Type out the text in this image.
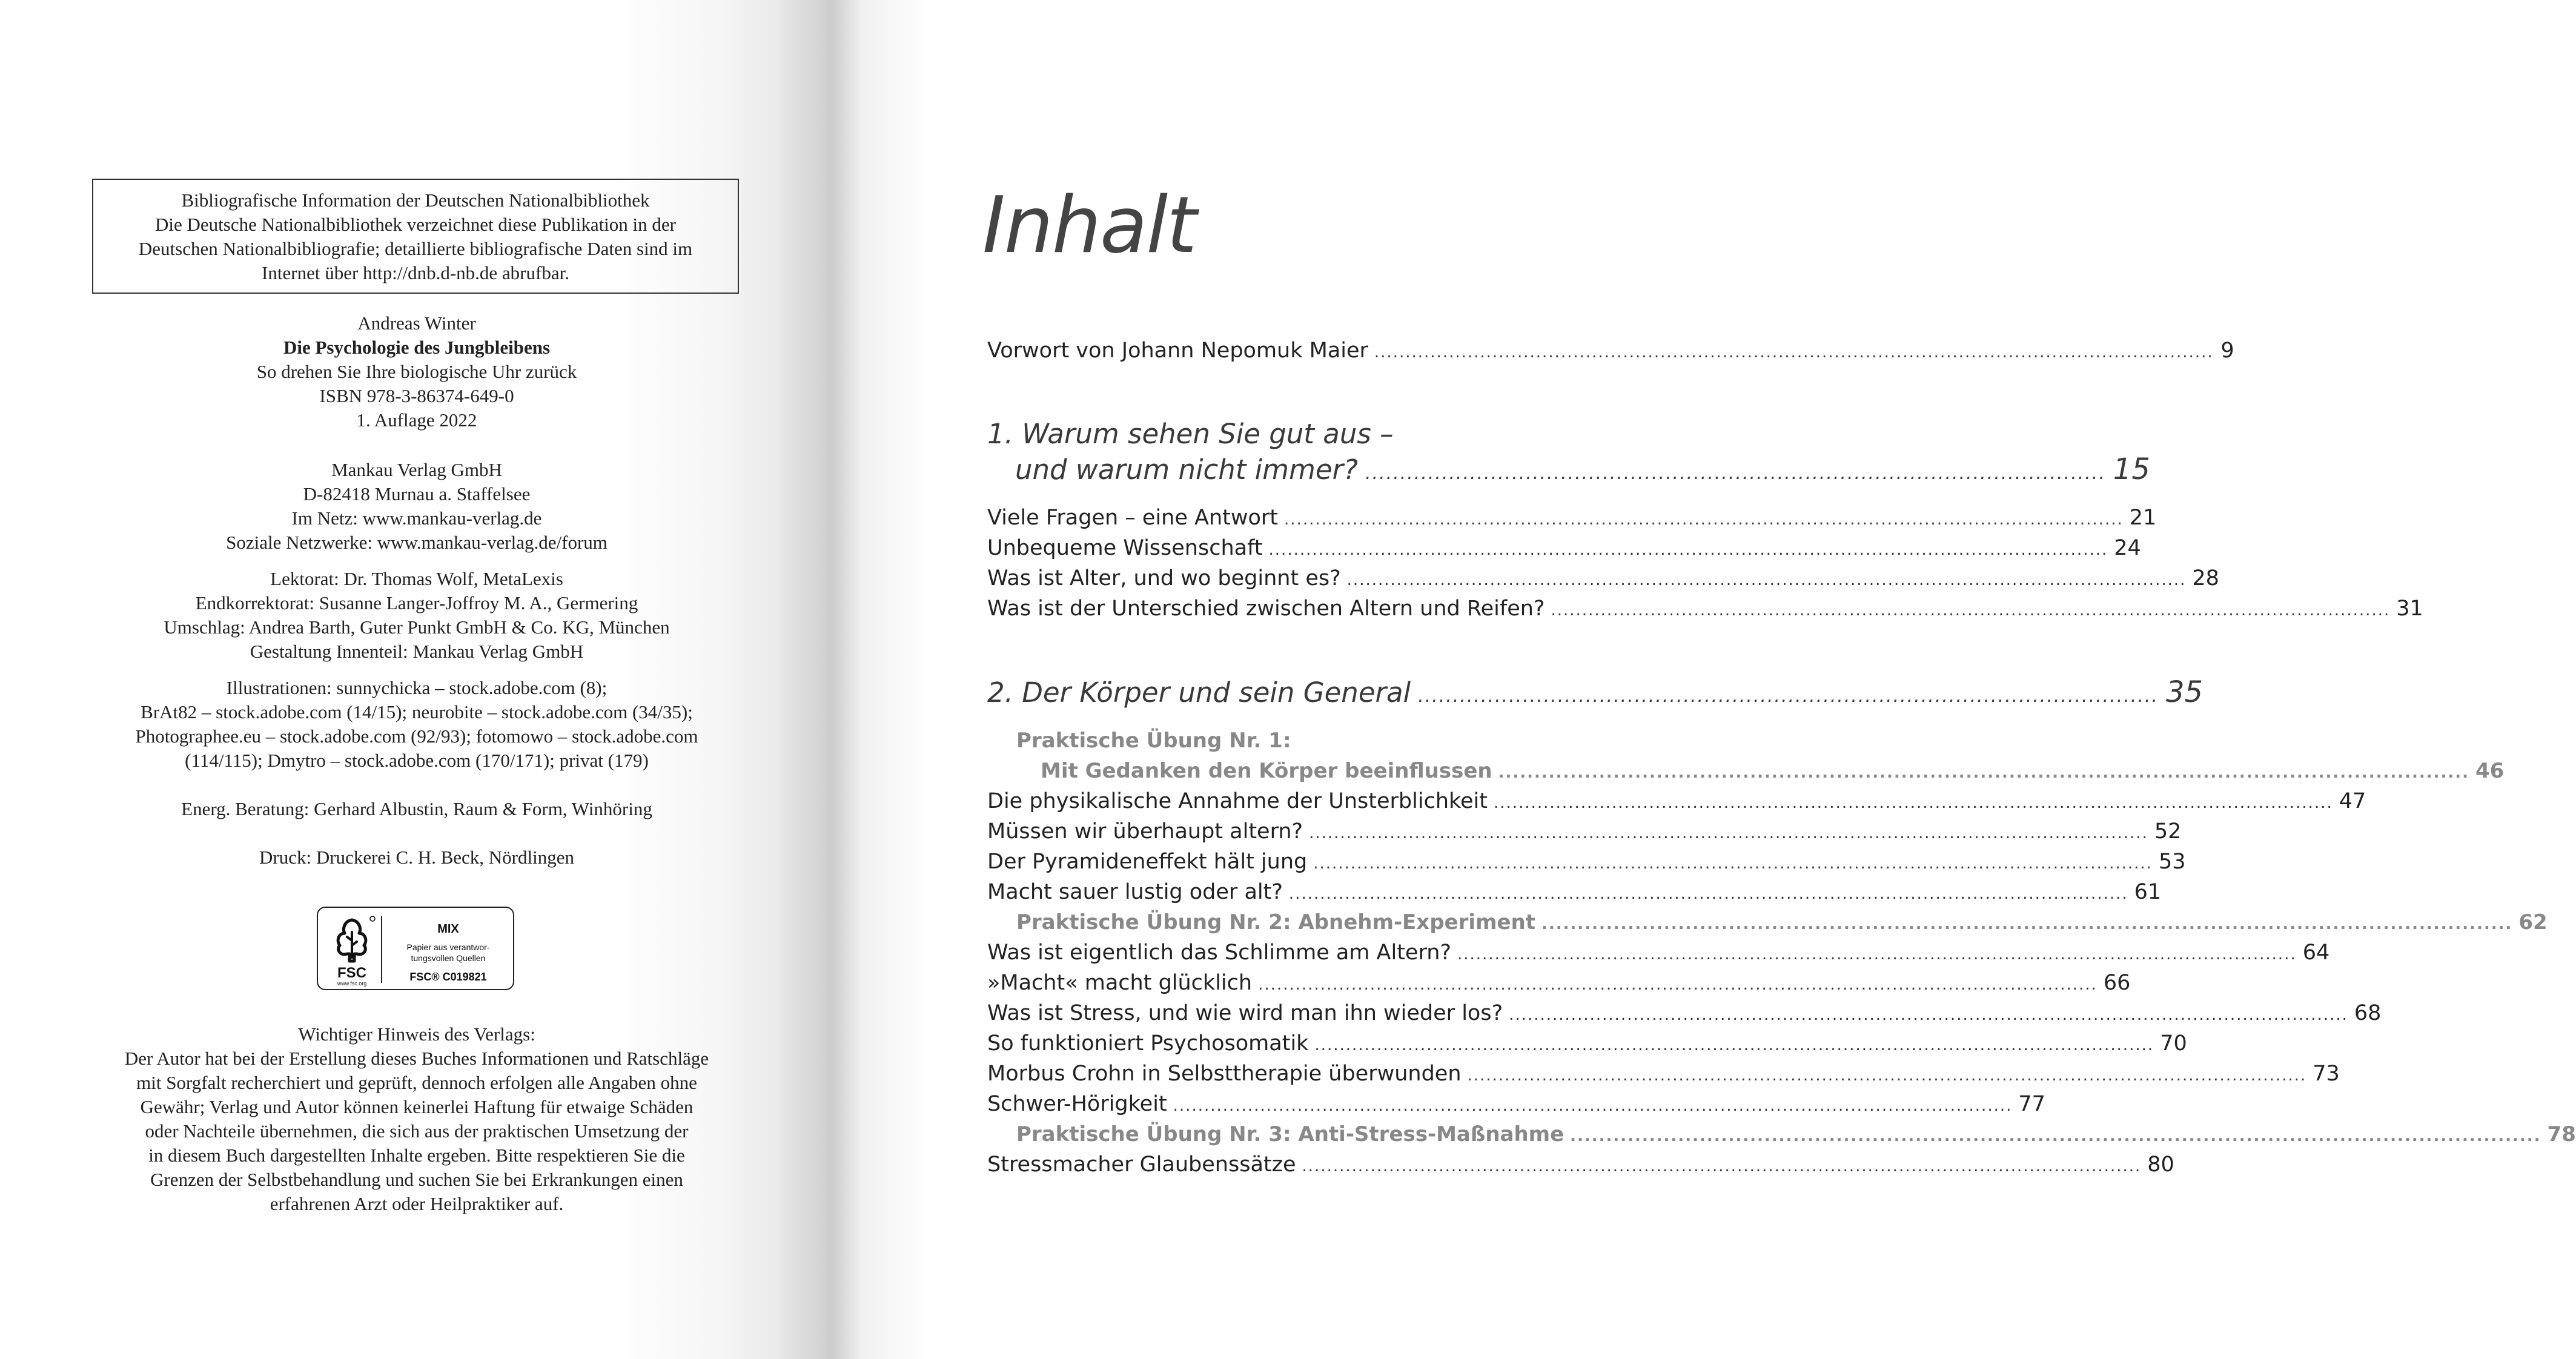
Bibliografische Information der Deutschen Nationalbibliothek

Die Deutsche Nationalbibliothek verzeichnet diese Publikation in der

Deutschen Nationalbibliografie; detaillierte bibliografische Daten sind im

Internet über http://dnb.d-nb.de abrufbar.

Andreas Winter

Die Psychologie des Jungbleibens

So drehen Sie Ihre biologische Uhr zurück

ISBN 978-3-86374-649-0

1. Auflage 2022

Mankau Verlag GmbH

D-82418 Murnau a. Staffelsee

Im Netz: www.mankau-verlag.de

Soziale Netzwerke: www.mankau-verlag.de/forum

Lektorat: Dr. Thomas Wolf, MetaLexis

Endkorrektorat: Susanne Langer-Joffroy M. A., Germering

Umschlag: Andrea Barth, Guter Punkt GmbH & Co. KG, München

Gestaltung Innenteil: Mankau Verlag GmbH

Illustrationen: sunnychicka – stock.adobe.com (8);

BrAt82 – stock.adobe.com (14/15); neurobite – stock.adobe.com (34/35);

Photographee.eu – stock.adobe.com (92/93); fotomowo – stock.adobe.com

(114/115); Dmytro – stock.adobe.com (170/171); privat (179)

Energ. Beratung: Gerhard Albustin, Raum & Form, Winhöring

Druck: Druckerei C. H. Beck, Nördlingen

FSC
www.fsc.org
MIX
Papier aus verantwor-
tungsvollen Quellen
FSC® C019821

Wichtiger Hinweis des Verlags:

Der Autor hat bei der Erstellung dieses Buches Informationen und Ratschläge

mit Sorgfalt recherchiert und geprüft, dennoch erfolgen alle Angaben ohne

Gewähr; Verlag und Autor können keinerlei Haftung für etwaige Schäden

oder Nachteile übernehmen, die sich aus der praktischen Umsetzung der

in diesem Buch dargestellten Inhalte ergeben. Bitte respektieren Sie die

Grenzen der Selbstbehandlung und suchen Sie bei Erkrankungen einen

erfahrenen Arzt oder Heilpraktiker auf.

Inhalt
Vorwort von Johann Nepomuk Maier ....................................................................................................................................... 9
1. Warum sehen Sie gut aus –
und warum nicht immer? .......................................................................................................... 15
Viele Fragen – eine Antwort ....................................................................................................................................... 21
Unbequeme Wissenschaft ....................................................................................................................................... 24
Was ist Alter, und wo beginnt es? ....................................................................................................................................... 28
Was ist der Unterschied zwischen Altern und Reifen? ....................................................................................................................................... 31
2. Der Körper und sein General .......................................................................................................... 35
Praktische Übung Nr. 1:
Mit Gedanken den Körper beeinflussen ....................................................................................................................................... 46
Die physikalische Annahme der Unsterblichkeit ....................................................................................................................................... 47
Müssen wir überhaupt altern? ....................................................................................................................................... 52
Der Pyramideneffekt hält jung ....................................................................................................................................... 53
Macht sauer lustig oder alt? ....................................................................................................................................... 61
Praktische Übung Nr. 2: Abnehm-Experiment ....................................................................................................................................... 62
Was ist eigentlich das Schlimme am Altern? ....................................................................................................................................... 64
»Macht« macht glücklich ....................................................................................................................................... 66
Was ist Stress, und wie wird man ihn wieder los? ....................................................................................................................................... 68
So funktioniert Psychosomatik ....................................................................................................................................... 70
Morbus Crohn in Selbsttherapie überwunden ....................................................................................................................................... 73
Schwer-Hörigkeit ....................................................................................................................................... 77
Praktische Übung Nr. 3: Anti-Stress-Maßnahme ....................................................................................................................................... 78
Stressmacher Glaubenssätze ....................................................................................................................................... 80
